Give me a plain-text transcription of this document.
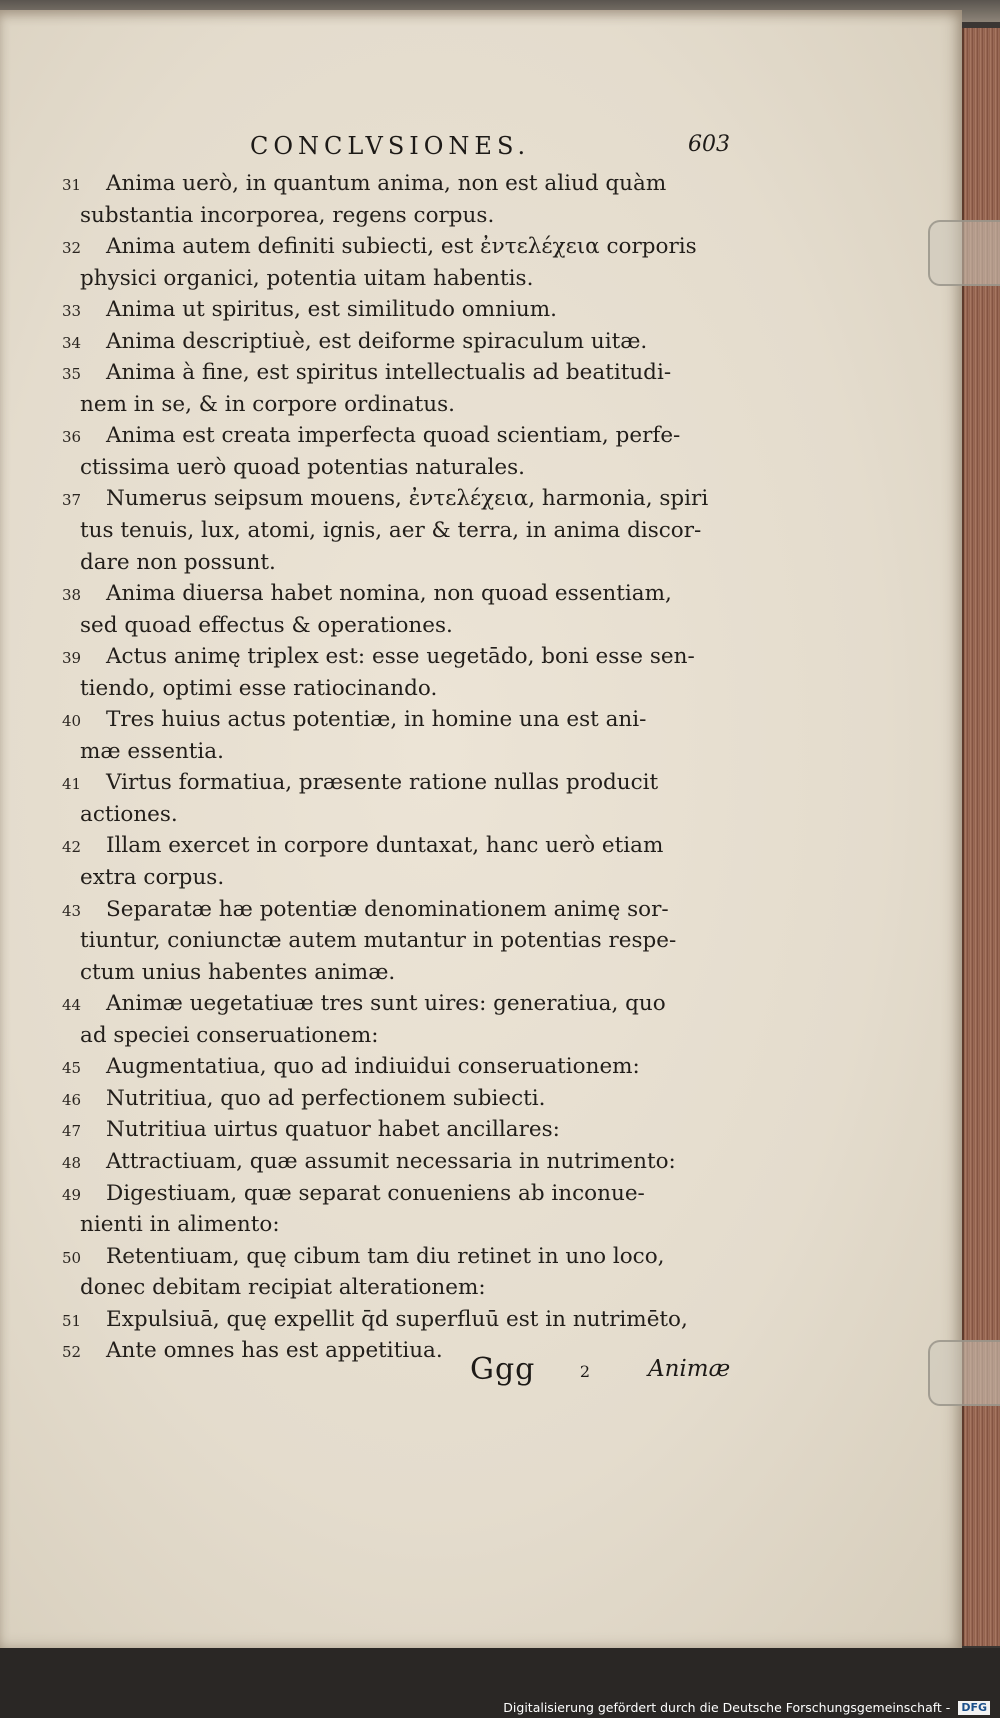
CONCLVSIONES.	603
31 Anima uerò, in quantum anima, non est aliud quàm
substantia incorporea, regens corpus.
32 Anima autem definiti subiecti, est ἐντελέχεια corporis
physici organici, potentia uitam habentis.
33 Anima ut spiritus, est similitudo omnium.
34 Anima descriptiuè, est deiforme spiraculum uitæ.
35 Anima à fine, est spiritus intellectualis ad beatitudi-
nem in se, & in corpore ordinatus.
36 Anima est creata imperfecta quoad scientiam, perfe-
ctissima uerò quoad potentias naturales.
37 Numerus seipsum mouens, ἐντελέχεια, harmonia, spiri
tus tenuis, lux, atomi, ignis, aer & terra, in anima discor-
dare non possunt.
38 Anima diuersa habet nomina, non quoad essentiam,
sed quoad effectus & operationes.
39 Actus animę triplex est: esse uegetādo, boni esse sen-
tiendo, optimi esse ratiocinando.
40 Tres huius actus potentiæ, in homine una est ani-
mæ essentia.
41 Virtus formatiua, præsente ratione nullas producit
actiones.
42 Illam exercet in corpore duntaxat, hanc uerò etiam
extra corpus.
43 Separatæ hæ potentiæ denominationem animę sor-
tiuntur, coniunctæ autem mutantur in potentias respe-
ctum unius habentes animæ.
44 Animæ uegetatiuæ tres sunt uires: generatiua, quo
ad speciei conseruationem:
45 Augmentatiua, quo ad indiuidui conseruationem:
46 Nutritiua, quo ad perfectionem subiecti.
47 Nutritiua uirtus quatuor habet ancillares:
48 Attractiuam, quæ assumit necessaria in nutrimento:
49 Digestiuam, quæ separat conueniens ab inconue-
nienti in alimento:
50 Retentiuam, quę cibum tam diu retinet in uno loco,
donec debitam recipiat alterationem:
51 Expulsiuā, quę expellit q̄d superfluū est in nutrimēto,
52 Ante omnes has est appetitiua.
Ggg	2 Animæ
Digitalisierung gefördert durch die Deutsche Forschungsgemeinschaft - DFG
